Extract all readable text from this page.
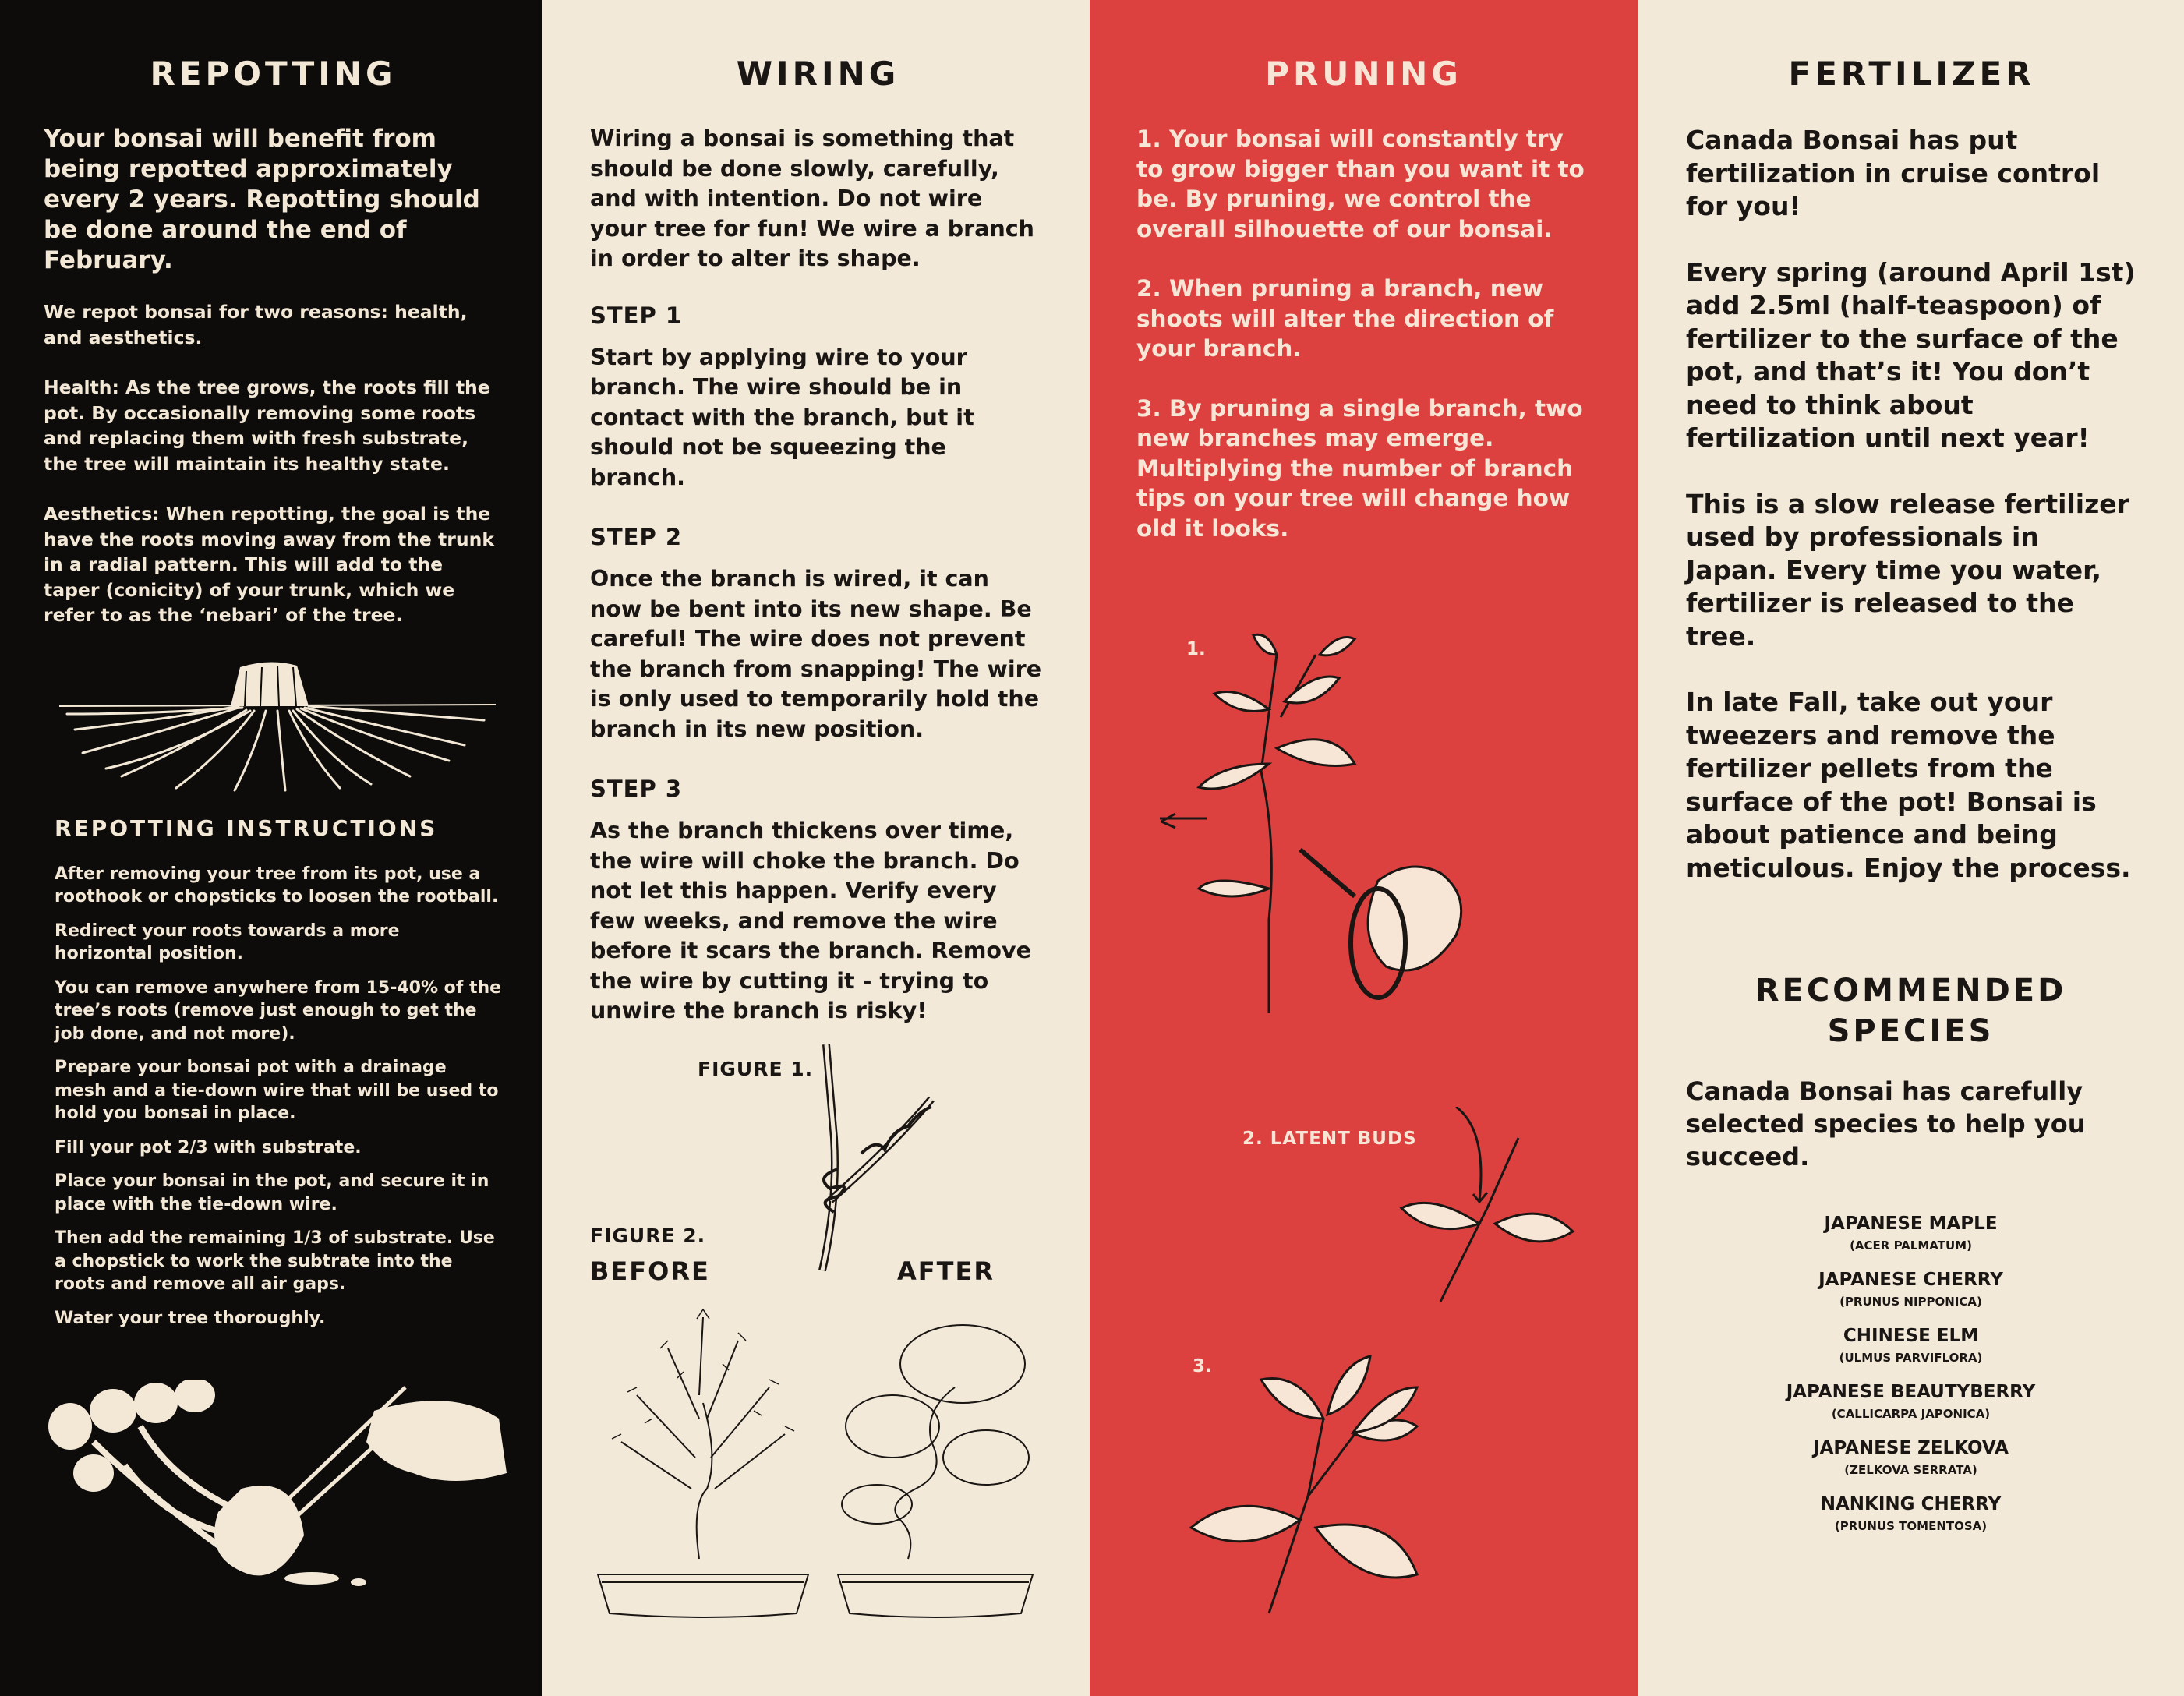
REPOTTING

Your bonsai will benefit from being repotted approximately every 2 years. Repotting should be done around the end of February.

We repot bonsai for two reasons: health, and aesthetics.

Health: As the tree grows, the roots fill the pot. By occasionally removing some roots and replacing them with fresh substrate, the tree will maintain its healthy state.

Aesthetics: When repotting, the goal is the have the roots moving away from the trunk in a radial pattern. This will add to the taper (conicity) of your trunk, which we refer to as the ‘nebari’ of the tree.

REPOTTING INSTRUCTIONS
After removing your tree from its pot, use a roothook or chopsticks to loosen the rootball.
Redirect your roots towards a more horizontal position.
You can remove anywhere from 15-40% of the tree’s roots (remove just enough to get the job done, and not more).
Prepare your bonsai pot with a drainage mesh and a tie-down wire that will be used to hold you bonsai in place.
Fill your pot 2/3 with substrate.
Place your bonsai in the pot, and secure it in place with the tie-down wire.
Then add the remaining 1/3 of substrate. Use a chopstick to work the subtrate into the roots and remove all air gaps.
Water your tree thoroughly.
WIRING

Wiring a bonsai is something that should be done slowly, carefully, and with intention. Do not wire your tree for fun! We wire a branch in order to alter its shape.

STEP 1

Start by applying wire to your branch. The wire should be in contact with the branch, but it should not be squeezing the branch.

STEP 2

Once the branch is wired, it can now be bent into its new shape. Be careful! The wire does not prevent the branch from snapping! The wire is only used to temporarily hold the branch in its new position.

STEP 3

As the branch thickens over time, the wire will choke the branch. Do not let this happen. Verify every few weeks, and remove the wire before it scars the branch. Remove the wire by cutting it - trying to unwire the branch is risky!

FIGURE 1.
FIGURE 2.
BEFORE	AFTER
PRUNING

1. Your bonsai will constantly try to grow bigger than you want it to be. By pruning, we control the overall silhouette of our bonsai.

2. When pruning a branch, new shoots will alter the direction of your branch.

3. By pruning a single branch, two new branches may emerge. Multiplying the number of branch tips on your tree will change how old it looks.

1.
2. LATENT BUDS
3.
FERTILIZER

Canada Bonsai has put fertilization in cruise control for you!

Every spring (around April 1st) add 2.5ml (half-teaspoon) of fertilizer to the surface of the pot, and that’s it! You don’t need to think about fertilization until next year!

This is a slow release fertilizer used by professionals in Japan. Every time you water, fertilizer is released to the tree.

In late Fall, take out your tweezers and remove the fertilizer pellets from the surface of the pot! Bonsai is about patience and being meticulous. Enjoy the process.

RECOMMENDED
SPECIES

Canada Bonsai has carefully selected species to help you succeed.

JAPANESE MAPLE
(ACER PALMATUM)
JAPANESE CHERRY
(PRUNUS NIPPONICA)
CHINESE ELM
(ULMUS PARVIFLORA)
JAPANESE BEAUTYBERRY
(CALLICARPA JAPONICA)
JAPANESE ZELKOVA
(ZELKOVA SERRATA)
NANKING CHERRY
(PRUNUS TOMENTOSA)
